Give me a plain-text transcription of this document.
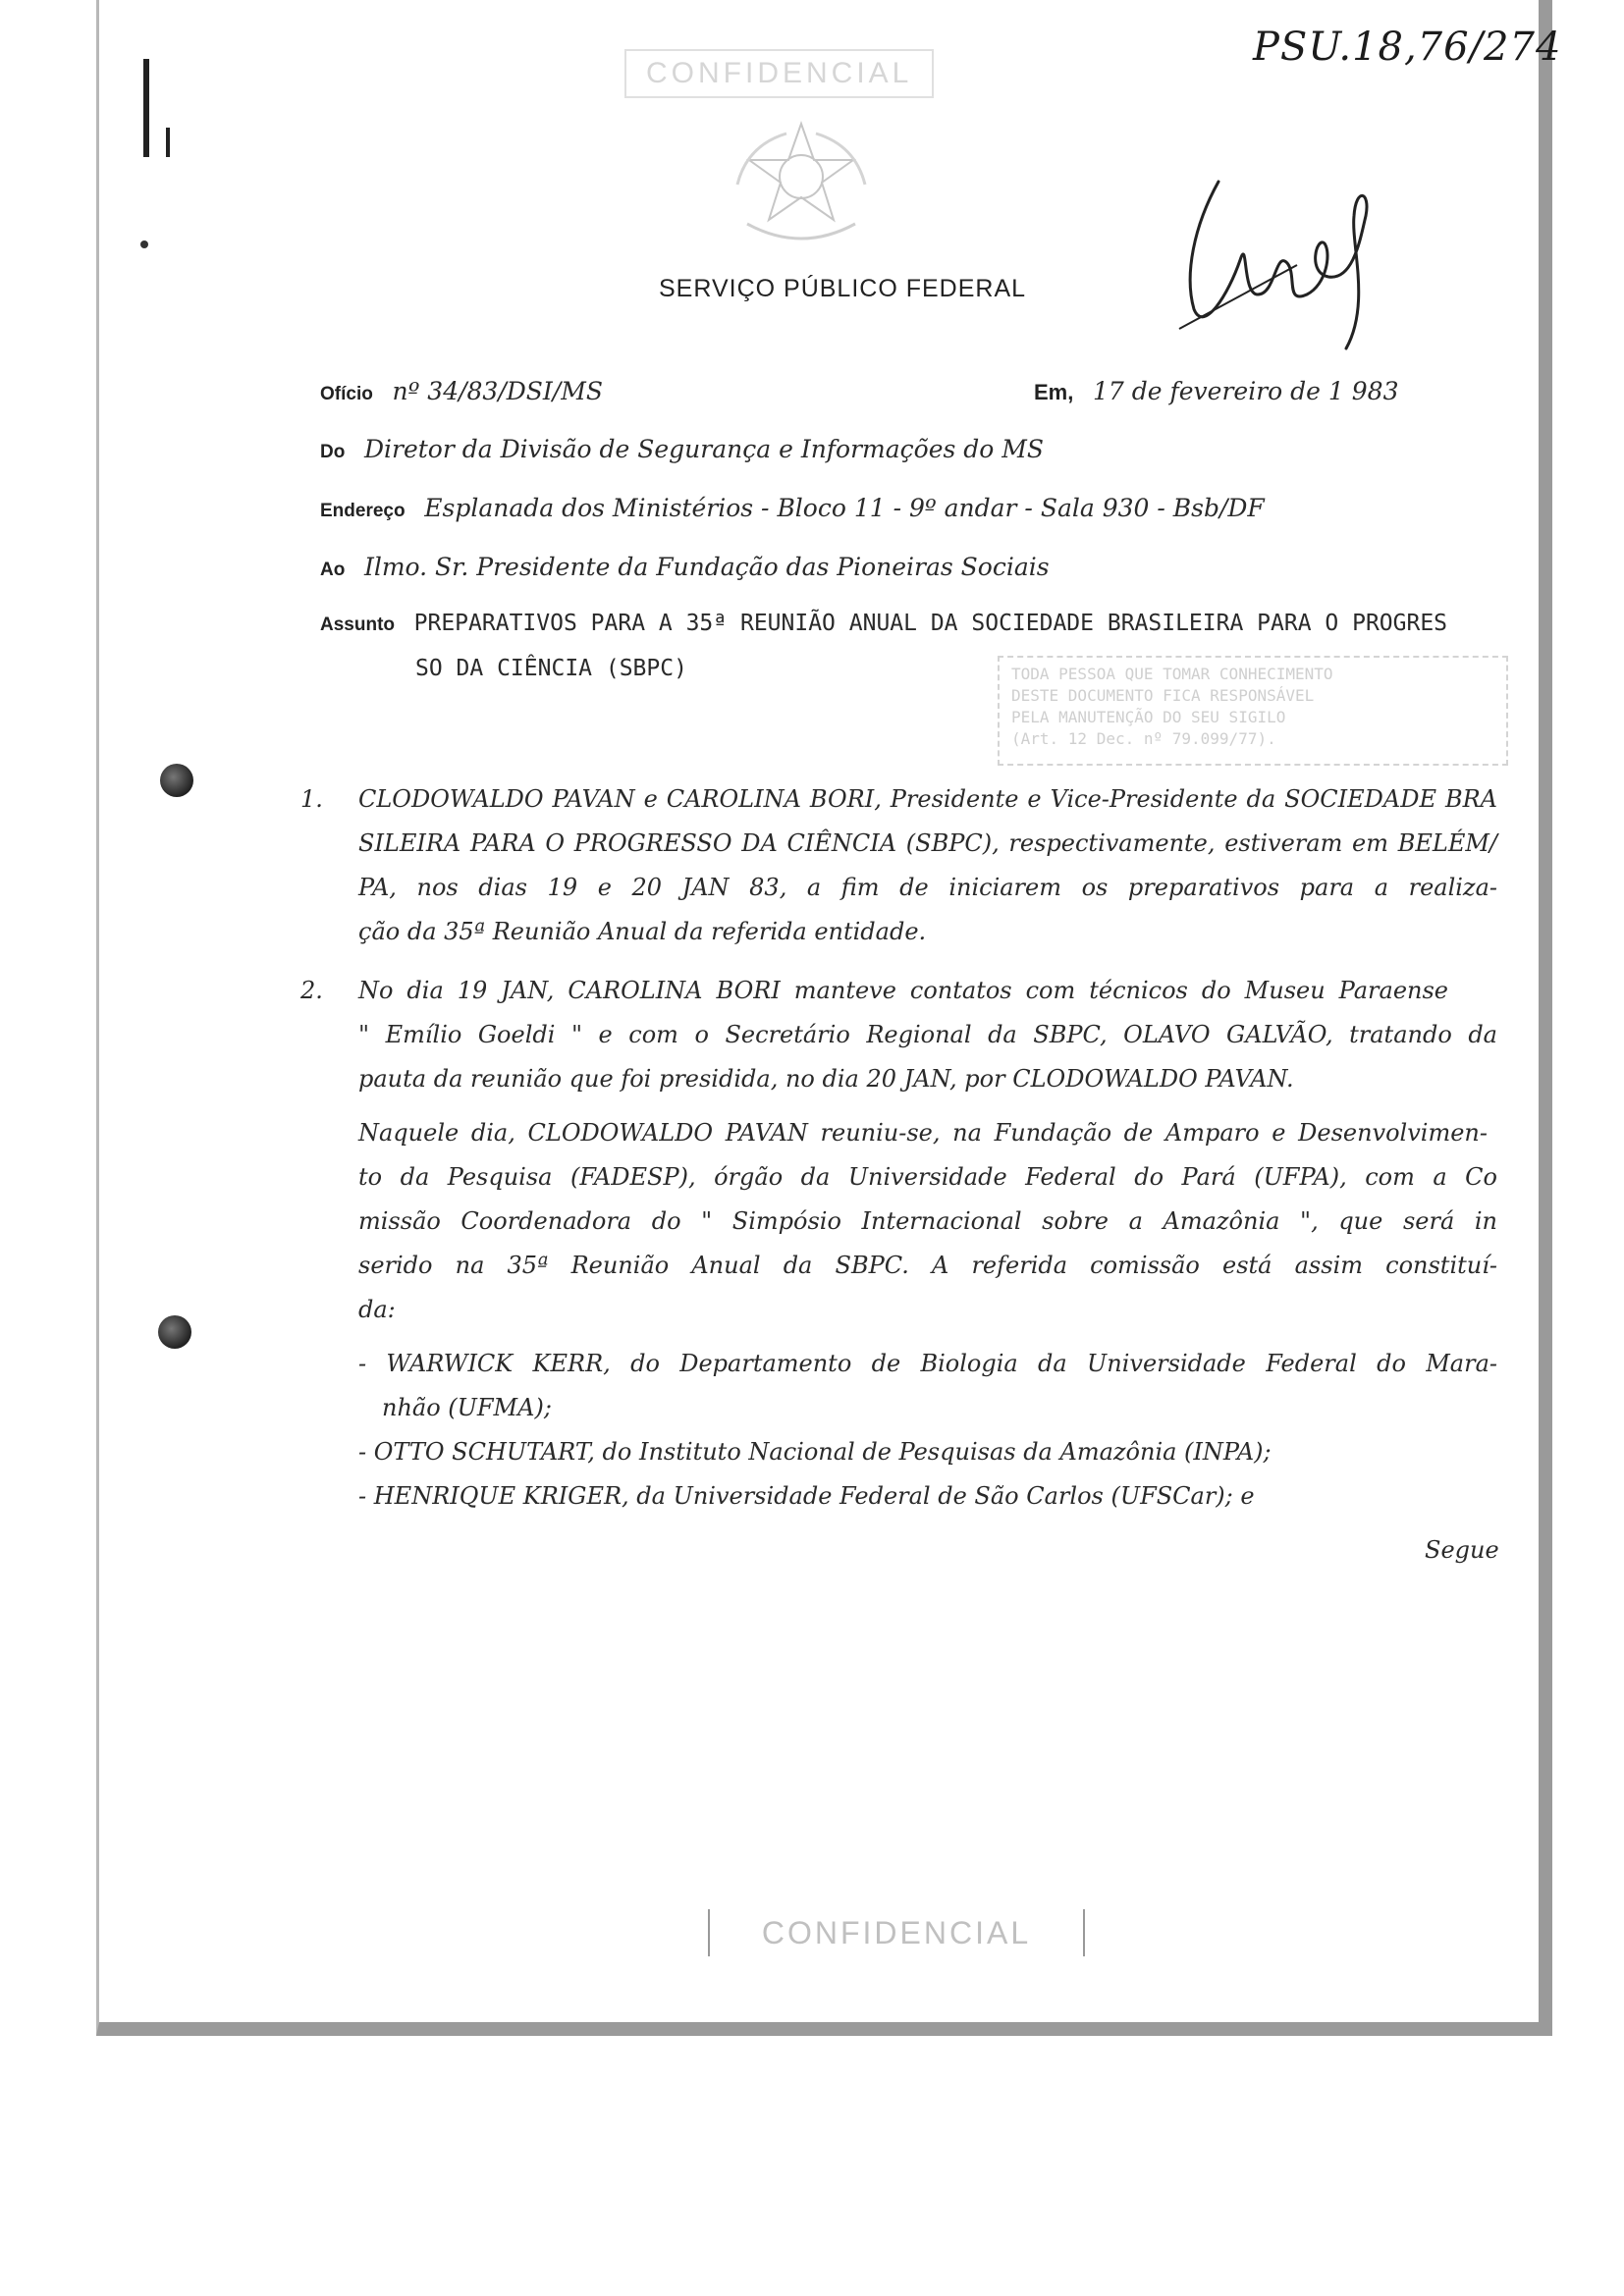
PSU.18,76/274
CONFIDENCIAL
SERVIÇO PÚBLICO FEDERAL
Ofício nº 34/83/DSI/MS	Em, 17 de fevereiro de 1 983
Do Diretor da Divisão de Segurança e Informações do MS
Endereço Esplanada dos Ministérios - Bloco 11 - 9º andar - Sala 930 - Bsb/DF
Ao Ilmo. Sr. Presidente da Fundação das Pioneiras Sociais
Assunto PREPARATIVOS PARA A 35ª REUNIÃO ANUAL DA SOCIEDADE BRASILEIRA PARA O PROGRES
SO DA CIÊNCIA (SBPC)	TODA PESSOA QUE TOMAR CONHECIMENTO
DESTE DOCUMENTO FICA RESPONSÁVEL
PELA MANUTENÇÃO DO SEU SIGILO
(Art. 12 Dec. nº 79.099/77).
1. CLODOWALDO PAVAN e CAROLINA BORI, Presidente e Vice-Presidente da SOCIEDADE BRA
SILEIRA PARA O PROGRESSO DA CIÊNCIA (SBPC), respectivamente, estiveram em BELÉM/
PA, nos dias 19 e 20 JAN 83, a fim de iniciarem os preparativos para a realiza-
ção da 35ª Reunião Anual da referida entidade.
2. No dia 19 JAN, CAROLINA BORI manteve contatos com técnicos do Museu Paraense
" Emílio Goeldi " e com o Secretário Regional da SBPC, OLAVO GALVÃO, tratando da
pauta da reunião que foi presidida, no dia 20 JAN, por CLODOWALDO PAVAN.
Naquele dia, CLODOWALDO PAVAN reuniu-se, na Fundação de Amparo e Desenvolvimen-
to da Pesquisa (FADESP), órgão da Universidade Federal do Pará (UFPA), com a Co
missão Coordenadora do " Simpósio Internacional sobre a Amazônia ", que será in
serido na 35ª Reunião Anual da SBPC. A referida comissão está assim constituí-
da:
- WARWICK KERR, do Departamento de Biologia da Universidade Federal do Mara-
nhão (UFMA);
- OTTO SCHUTART, do Instituto Nacional de Pesquisas da Amazônia (INPA);
- HENRIQUE KRIGER, da Universidade Federal de São Carlos (UFSCar); e
Segue
CONFIDENCIAL
